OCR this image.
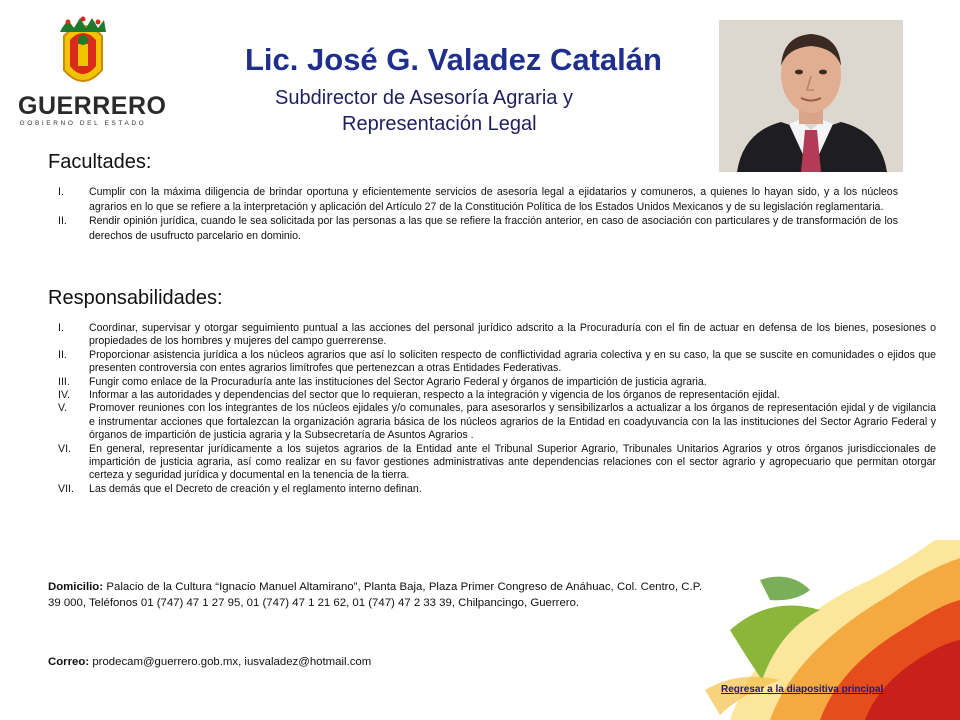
GUERRERO
GOBIERNO DEL ESTADO
Lic. José G. Valadez Catalán
Subdirector de Asesoría Agraria y
Representación Legal
Facultades:
I. Cumplir con la máxima diligencia de brindar oportuna y eficientemente servicios de asesoría legal a ejidatarios y comuneros, a quienes lo hayan sido, y a los núcleos agrarios en lo que se refiere a la interpretación y aplicación del Artículo 27 de la Constitución Política de los Estados Unidos Mexicanos y de su legislación reglamentaria.
II. Rendir opinión jurídica, cuando le sea solicitada por las personas a las que se refiere la fracción anterior, en caso de asociación con particulares y de transformación de los derechos de usufructo parcelario en dominio.
Responsabilidades:
I. Coordinar, supervisar y otorgar seguimiento puntual a las acciones del personal jurídico adscrito a la Procuraduría con el fin de actuar en defensa de los bienes, posesiones o propiedades de los hombres y mujeres del campo guerrerense.
II. Proporcionar asistencia jurídica a los núcleos agrarios que así lo soliciten respecto de conflictividad agraria colectiva y en su caso, la que se suscite en comunidades o ejidos que presenten controversia con entes agrarios limítrofes que pertenezcan a otras Entidades Federativas.
III. Fungir como enlace de la Procuraduría ante las instituciones del Sector Agrario Federal y órganos de impartición de justicia agraria.
IV. Informar a las autoridades y dependencias del sector que lo requieran, respecto a la integración y vigencia de los órganos de representación ejidal.
V. Promover reuniones con los integrantes de los núcleos ejidales y/o comunales, para asesorarlos y sensibilizarlos a actualizar a los órganos de representación ejidal y de vigilancia e instrumentar acciones que fortalezcan la organización agraria básica de los núcleos agrarios de la Entidad en coadyuvancia con la las instituciones del Sector Agrario Federal y órganos de impartición de justicia agraria y la Subsecretaría de Asuntos Agrarios .
VI. En general, representar jurídicamente a los sujetos agrarios de la Entidad ante el Tribunal Superior Agrario, Tribunales Unitarios Agrarios y otros órganos jurisdiccionales de impartición de justicia agraria, así como realizar en su favor gestiones administrativas ante dependencias relaciones con el sector agrario y agropecuario que permitan otorgar certeza y seguridad jurídica y documental en la tenencia de la tierra.
VII. Las demás que el Decreto de creación y el reglamento interno definan.
Domicilio: Palacio de la Cultura “Ignacio Manuel Altamirano”, Planta Baja, Plaza Primer Congreso de Anáhuac, Col. Centro, C.P. 39 000, Teléfonos 01 (747) 47 1 27 95, 01 (747) 47 1 21 62, 01 (747) 47 2 33 39, Chilpancingo, Guerrero.
Correo: prodecam@guerrero.gob.mx, iusvaladez@hotmail.com
Regresar a la diapositiva principal
